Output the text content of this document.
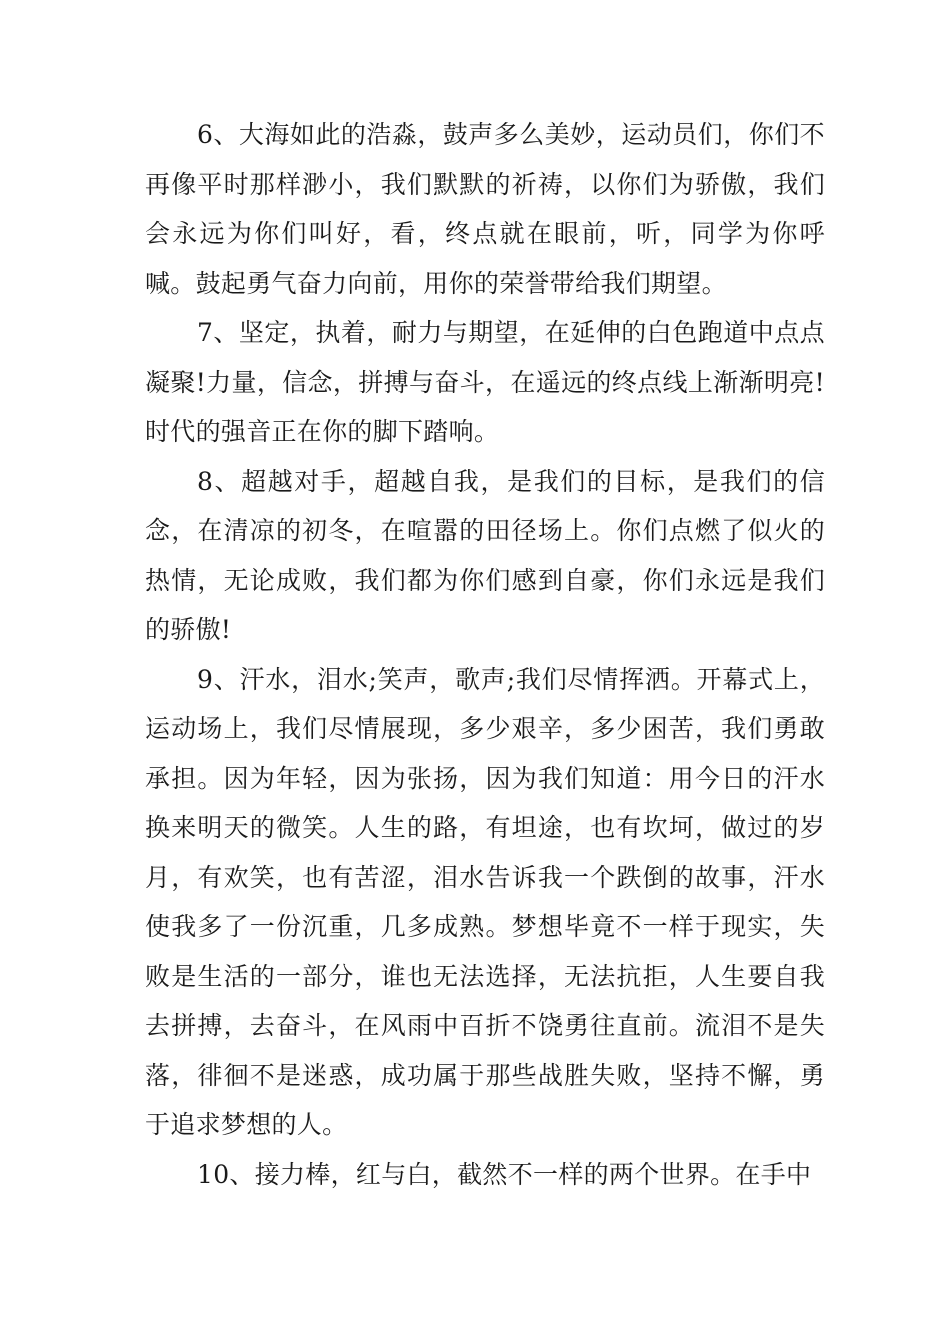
6、大海如此的浩淼，鼓声多么美妙，运动员们，你们不再像平时那样渺小，我们默默的祈祷，以你们为骄傲，我们会永远为你们叫好，看，终点就在眼前，听，同学为你呼喊。鼓起勇气奋力向前，用你的荣誉带给我们期望。

7、坚定，执着，耐力与期望，在延伸的白色跑道中点点凝聚!力量，信念，拼搏与奋斗，在遥远的终点线上渐渐明亮!时代的强音正在你的脚下踏响。

8、超越对手，超越自我，是我们的目标，是我们的信念，在清凉的初冬，在喧嚣的田径场上。你们点燃了似火的热情，无论成败，我们都为你们感到自豪，你们永远是我们的骄傲!

9、汗水，泪水;笑声，歌声;我们尽情挥洒。开幕式上，运动场上，我们尽情展现，多少艰辛，多少困苦，我们勇敢承担。因为年轻，因为张扬，因为我们知道：用今日的汗水换来明天的微笑。人生的路，有坦途，也有坎坷，做过的岁月，有欢笑，也有苦涩，泪水告诉我一个跌倒的故事，汗水使我多了一份沉重，几多成熟。梦想毕竟不一样于现实，失败是生活的一部分，谁也无法选择，无法抗拒，人生要自我去拼搏，去奋斗，在风雨中百折不饶勇往直前。流泪不是失落，徘徊不是迷惑，成功属于那些战胜失败，坚持不懈，勇于追求梦想的人。

10、接力棒，红与白，截然不一样的两个世界。在手中
